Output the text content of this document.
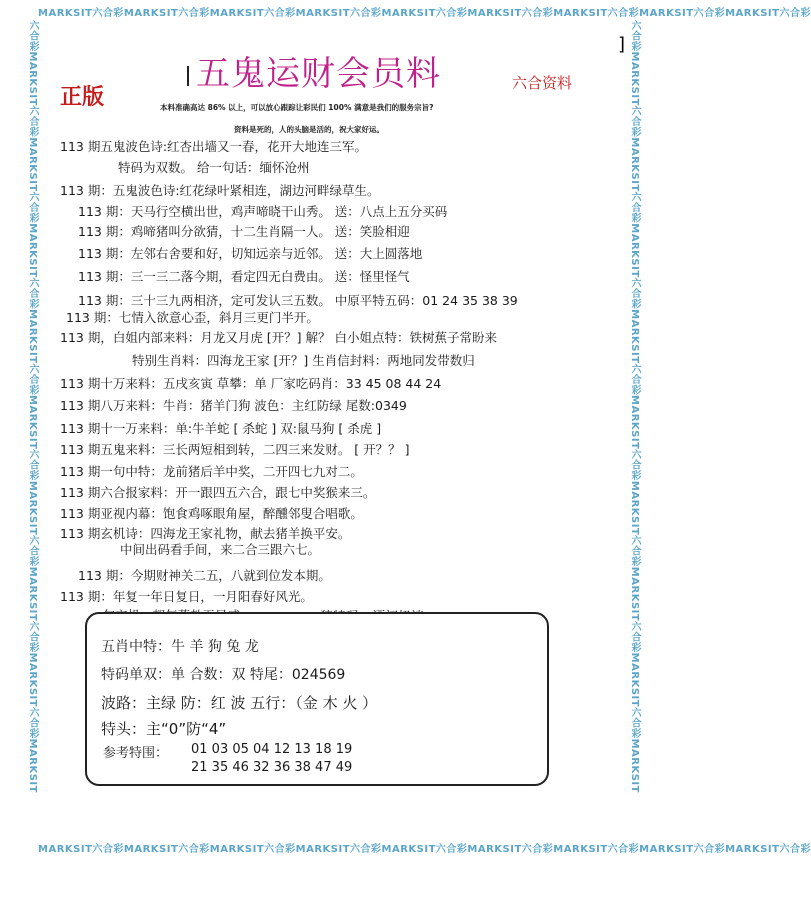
MARKSIT六合彩MARKSIT六合彩MARKSIT六合彩MARKSIT六合彩MARKSIT六合彩MARKSIT六合彩MARKSIT六合彩MARKSIT六合彩MARKSIT六合彩
MARKSIT六合彩MARKSIT六合彩MARKSIT六合彩MARKSIT六合彩MARKSIT六合彩MARKSIT六合彩MARKSIT六合彩MARKSIT六合彩MARKSIT六合彩
六合彩MARKSIT六合彩MARKSIT六合彩MARKSIT六合彩MARKSIT六合彩MARKSIT六合彩MARKSIT六合彩MARKSIT六合彩MARKSIT六合彩MARKSIT	六合彩MARKSIT六合彩MARKSIT六合彩MARKSIT六合彩MARKSIT六合彩MARKSIT六合彩MARKSIT六合彩MARKSIT六合彩MARKSIT六合彩MARKSIT
五鬼运财会员料
正版
六合资料
]
本料准确高达 86% 以上，可以放心跟踪让彩民们 100% 满意是我们的服务宗旨?
资料是死的，人的头脑是活的，祝大家好运。
113 期五鬼波色诗:红杏出墙又一春，花开大地连三军。
特码为双数。 给一句话：缅怀沧州
113 期：五鬼波色诗:红花绿叶紧相连，湖边河畔绿草生。
113 期：天马行空横出世，鸡声啼晓干山秀。 送：八点上五分买码
113 期：鸡啼猪叫分欲猜，十二生肖隔一人。 送：笑脸相迎
113 期：左邻右舍要和好，切知远亲与近邻。 送：大上圆落地
113 期：三一三二落今期，看定四无白费由。 送：怪里怪气
113 期：三十三九两相济，定可发认三五数。 中原平特五码：01 24 35 38 39
113 期：七情入欲意心歪，斜月三更门半开。
113 期，白姐内部来料：月龙又月虎 [开？] 解？ 白小姐点特：铁树蕉子常盼来
特别生肖料：四海龙王家 [开？] 生肖信封料：两地同发带数归
113 期十万来料：五戌亥寅 草攀：单 厂家吃码肖：33 45 08 44 24
113 期八万来料：牛肖：猪羊门狗 波色：主红防绿 尾数:0349
113 期十一万来料：单:牛羊蛇 [ 杀蛇 ] 双:鼠马狗 [ 杀虎 ]
113 期五鬼来料：三长两短相到转，二四三来发财。 [ 开？？ ]
113 期一句中特：龙前猪后羊中奖，二开四七九对二。
113 期六合报家料：开一跟四五六合，跟七中奖猴来三。
113 期亚视内幕：饱食鸡啄眼角屋，醉醺邻叟合唱歌。
113 期玄机诗：四海龙王家礼物，献去猪羊换平安。
中间出码看手间，来二合三跟六七。
113 期：今期财神关二五，八就到位发本期。
113 期：年复一年日复日，一月阳春好风光。
五肖中特：牛 羊 狗 兔 龙
特码单双：单 合数：双 特尾：024569
波路：主绿 防：红 波 五行：（金 木 火 ）
特头：主“0”防“4”
参考特围： 01 03 05 04 12 13 18 19
21 35 46 32 36 38 47 49
